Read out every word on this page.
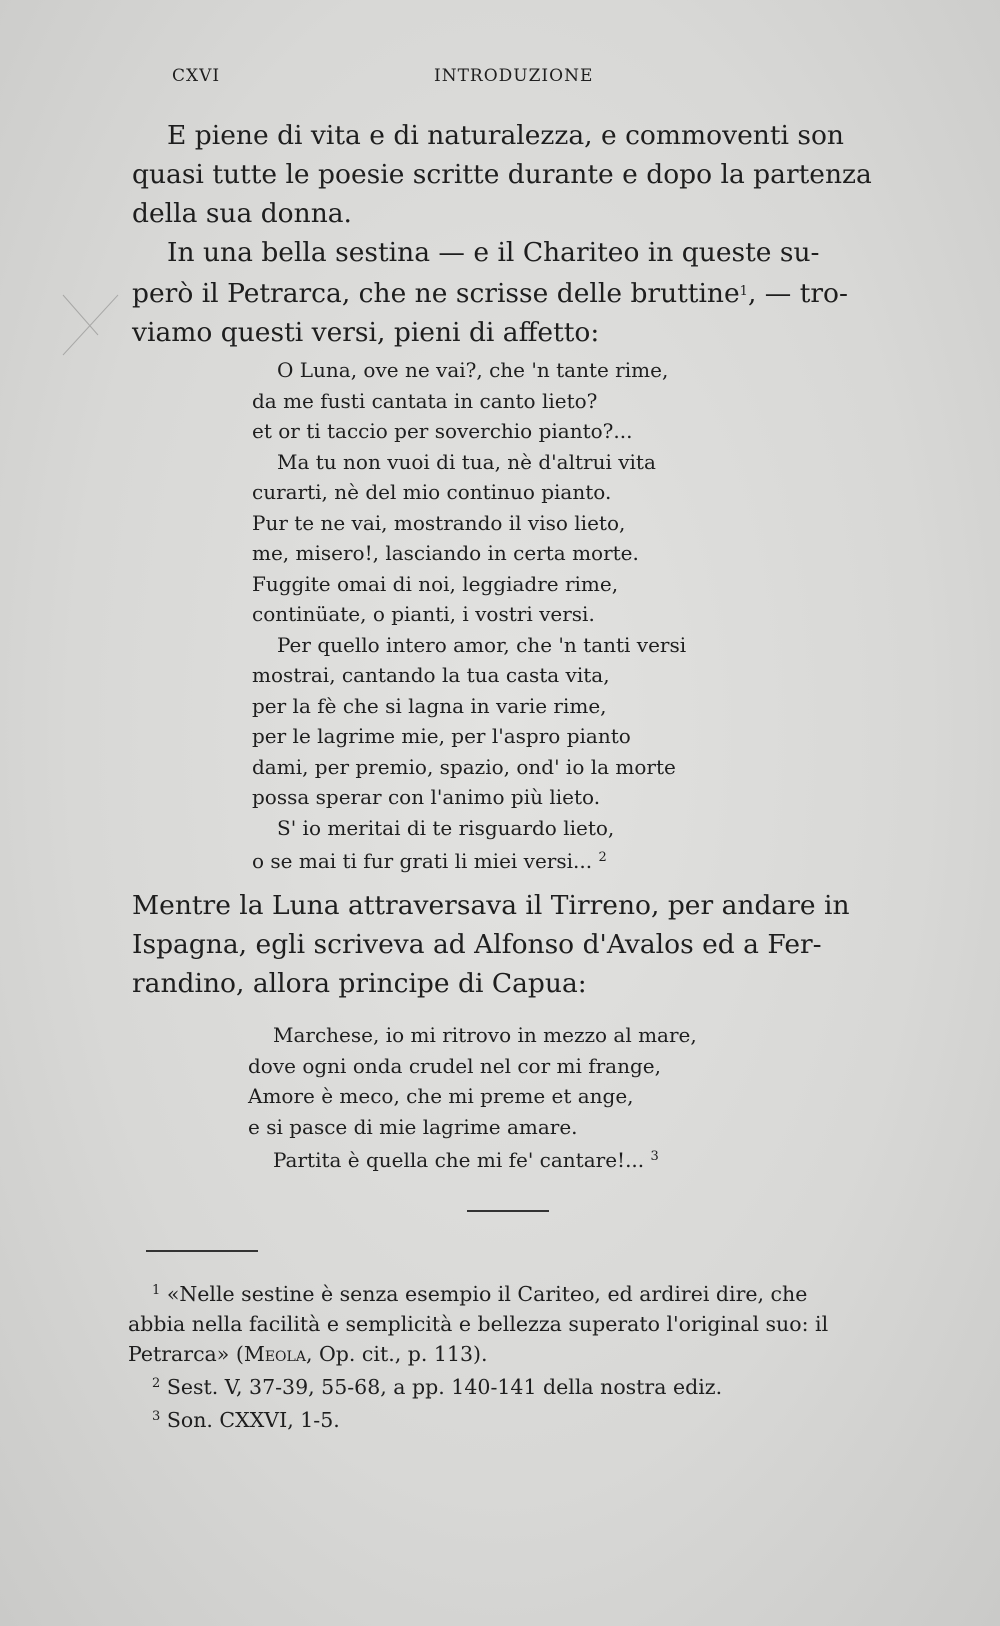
CXVI	INTRODUZIONE
E piene di vita e di naturalezza, e commoventi son
quasi tutte le poesie scritte durante e dopo la partenza
della sua donna.
In una bella sestina — e il Chariteo in queste su-
però il Petrarca, che ne scrisse delle bruttine$^1$, — tro-
viamo questi versi, pieni di affetto:
O Luna, ove ne vai?, che 'n tante rime,
da me fusti cantata in canto lieto?
et or ti taccio per soverchio pianto?...
Ma tu non vuoi di tua, nè d'altrui vita
curarti, nè del mio continuo pianto.
Pur te ne vai, mostrando il viso lieto,
me, misero!, lasciando in certa morte.
Fuggite omai di noi, leggiadre rime,
continüate, o pianti, i vostri versi.
Per quello intero amor, che 'n tanti versi
mostrai, cantando la tua casta vita,
per la fè che si lagna in varie rime,
per le lagrime mie, per l'aspro pianto
dami, per premio, spazio, ond' io la morte
possa sperar con l'animo più lieto.
S' io meritai di te risguardo lieto,
o se mai ti fur grati li miei versi... $^2$
Mentre la Luna attraversava il Tirreno, per andare in
Ispagna, egli scriveva ad Alfonso d'Avalos ed a Fer-
randino, allora principe di Capua:
Marchese, io mi ritrovo in mezzo al mare,
dove ogni onda crudel nel cor mi frange,
Amore è meco, che mi preme et ange,
e si pasce di mie lagrime amare.
Partita è quella che mi fe' cantare!... $^3$
$^1$ «Nelle sestine è senza esempio il Cariteo, ed ardirei dire, che
abbia nella facilità e semplicità e bellezza superato l'original suo: il
Petrarca» (Meola, Op. cit., p. 113).
$^2$ Sest. V, 37-39, 55-68, a pp. 140-141 della nostra ediz.
$^3$ Son. CXXVI, 1-5.
